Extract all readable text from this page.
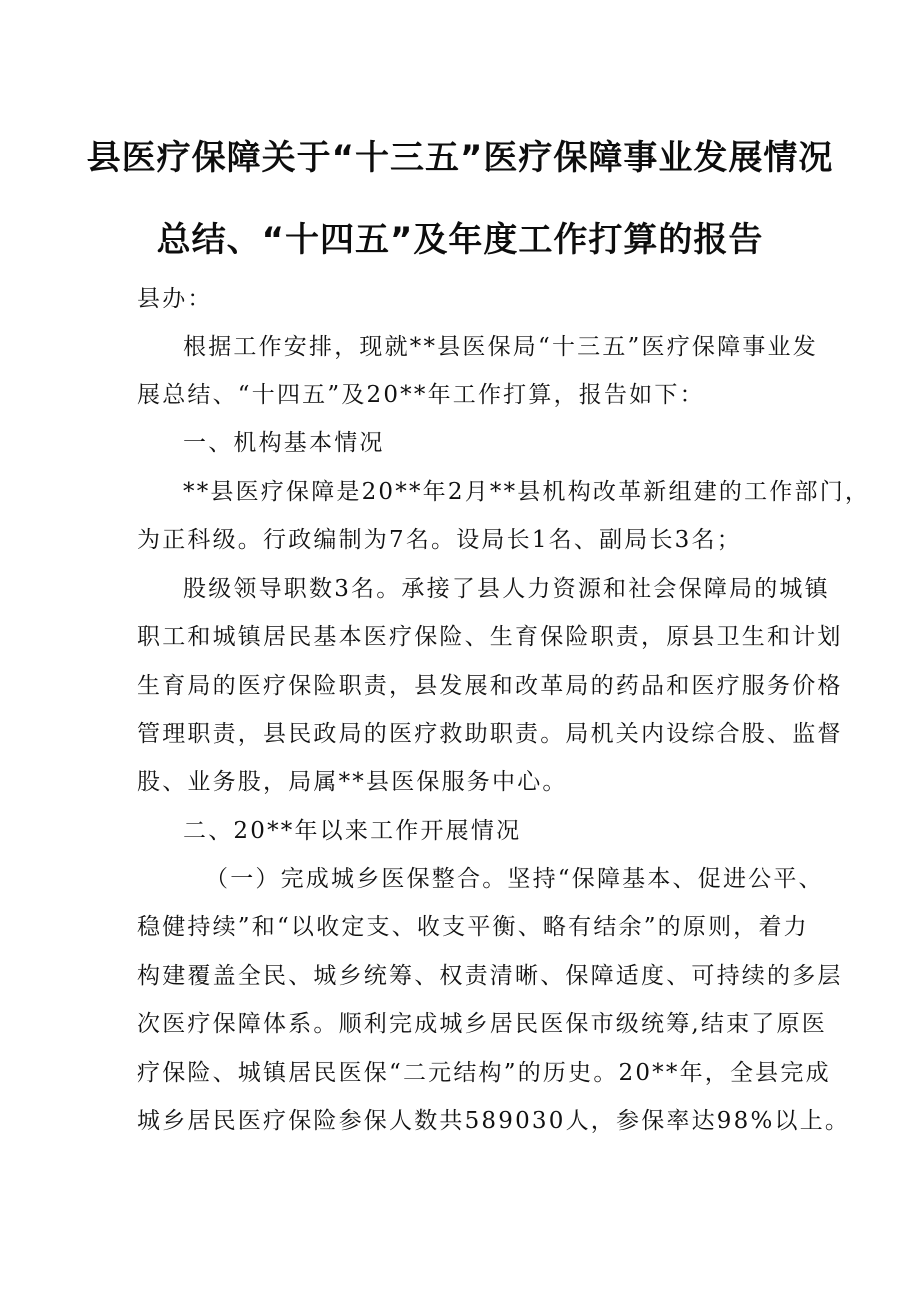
县医疗保障关于“十三五”医疗保障事业发展情况
总结、“十四五”及年度工作打算的报告
县办：
根据工作安排，现就**县医保局“十三五”医疗保障事业发
展总结、“十四五”及20**年工作打算，报告如下：
一、机构基本情况
**县医疗保障是20**年2月**县机构改革新组建的工作部门，
为正科级。行政编制为7名。设局长1名、副局长3名；
股级领导职数3名。承接了县人力资源和社会保障局的城镇
职工和城镇居民基本医疗保险、生育保险职责，原县卫生和计划
生育局的医疗保险职责，县发展和改革局的药品和医疗服务价格
管理职责，县民政局的医疗救助职责。局机关内设综合股、监督
股、业务股，局属**县医保服务中心。
二、20**年以来工作开展情况
（一）完成城乡医保整合。坚持“保障基本、促进公平、
稳健持续”和“以收定支、收支平衡、略有结余”的原则，着力
构建覆盖全民、城乡统筹、权责清晰、保障适度、可持续的多层
次医疗保障体系。顺利完成城乡居民医保市级统筹,结束了原医
疗保险、城镇居民医保“二元结构”的历史。20**年，全县完成
城乡居民医疗保险参保人数共589030人，参保率达98%以上。
